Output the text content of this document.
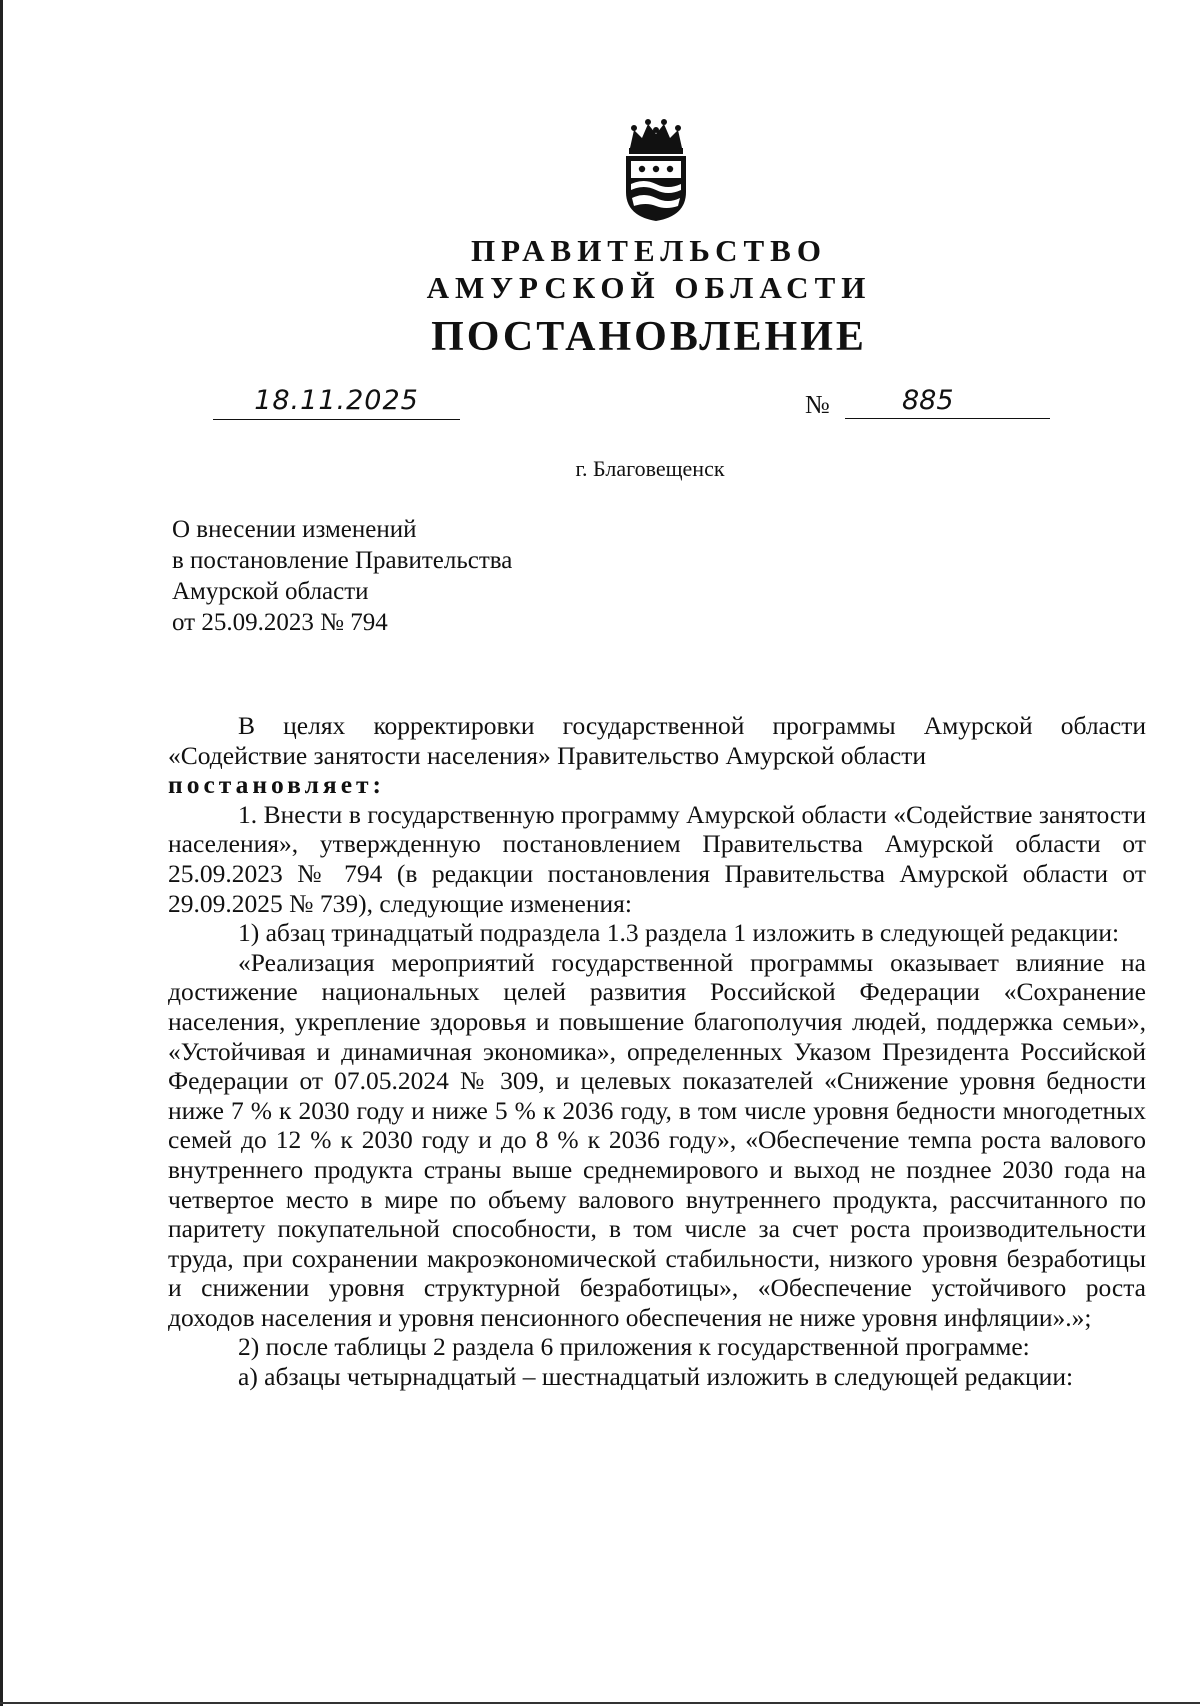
ПРАВИТЕЛЬСТВО
АМУРСКОЙ ОБЛАСТИ
ПОСТАНОВЛЕНИЕ
18.11.2025	№	885
г. Благовещенск
О внесении изменений
в постановление Правительства
Амурской области
от 25.09.2023 № 794

В целях корректировки государственной программы Амурской области «Содействие занятости населения» Правительство Амурской области

постановляет:

1. Внести в государственную программу Амурской области «Содействие занятости населения», утвержденную постановлением Правительства Амурской области от 25.09.2023 № 794 (в редакции постановления Правительства Амурской области от 29.09.2025 № 739), следующие изменения:

1) абзац тринадцатый подраздела 1.3 раздела 1 изложить в следующей редакции:

«Реализация мероприятий государственной программы оказывает влияние на достижение национальных целей развития Российской Федерации «Сохранение населения, укрепление здоровья и повышение благополучия людей, поддержка семьи», «Устойчивая и динамичная экономика», определенных Указом Президента Российской Федерации от 07.05.2024 № 309, и целевых показателей «Снижение уровня бедности ниже 7 % к 2030 году и ниже 5 % к 2036 году, в том числе уровня бедности многодетных семей до 12 % к 2030 году и до 8 % к 2036 году», «Обеспечение темпа роста валового внутреннего продукта страны выше среднемирового и выход не позднее 2030 года на четвертое место в мире по объему валового внутреннего продукта, рассчитанного по паритету покупательной способности, в том числе за счет роста производительности труда, при сохранении макроэкономической стабильности, низкого уровня безработицы и снижении уровня структурной безработицы», «Обеспечение устойчивого роста доходов населения и уровня пенсионного обеспечения не ниже уровня инфляции».»;

2) после таблицы 2 раздела 6 приложения к государственной программе:

а) абзацы четырнадцатый – шестнадцатый изложить в следующей редакции:
